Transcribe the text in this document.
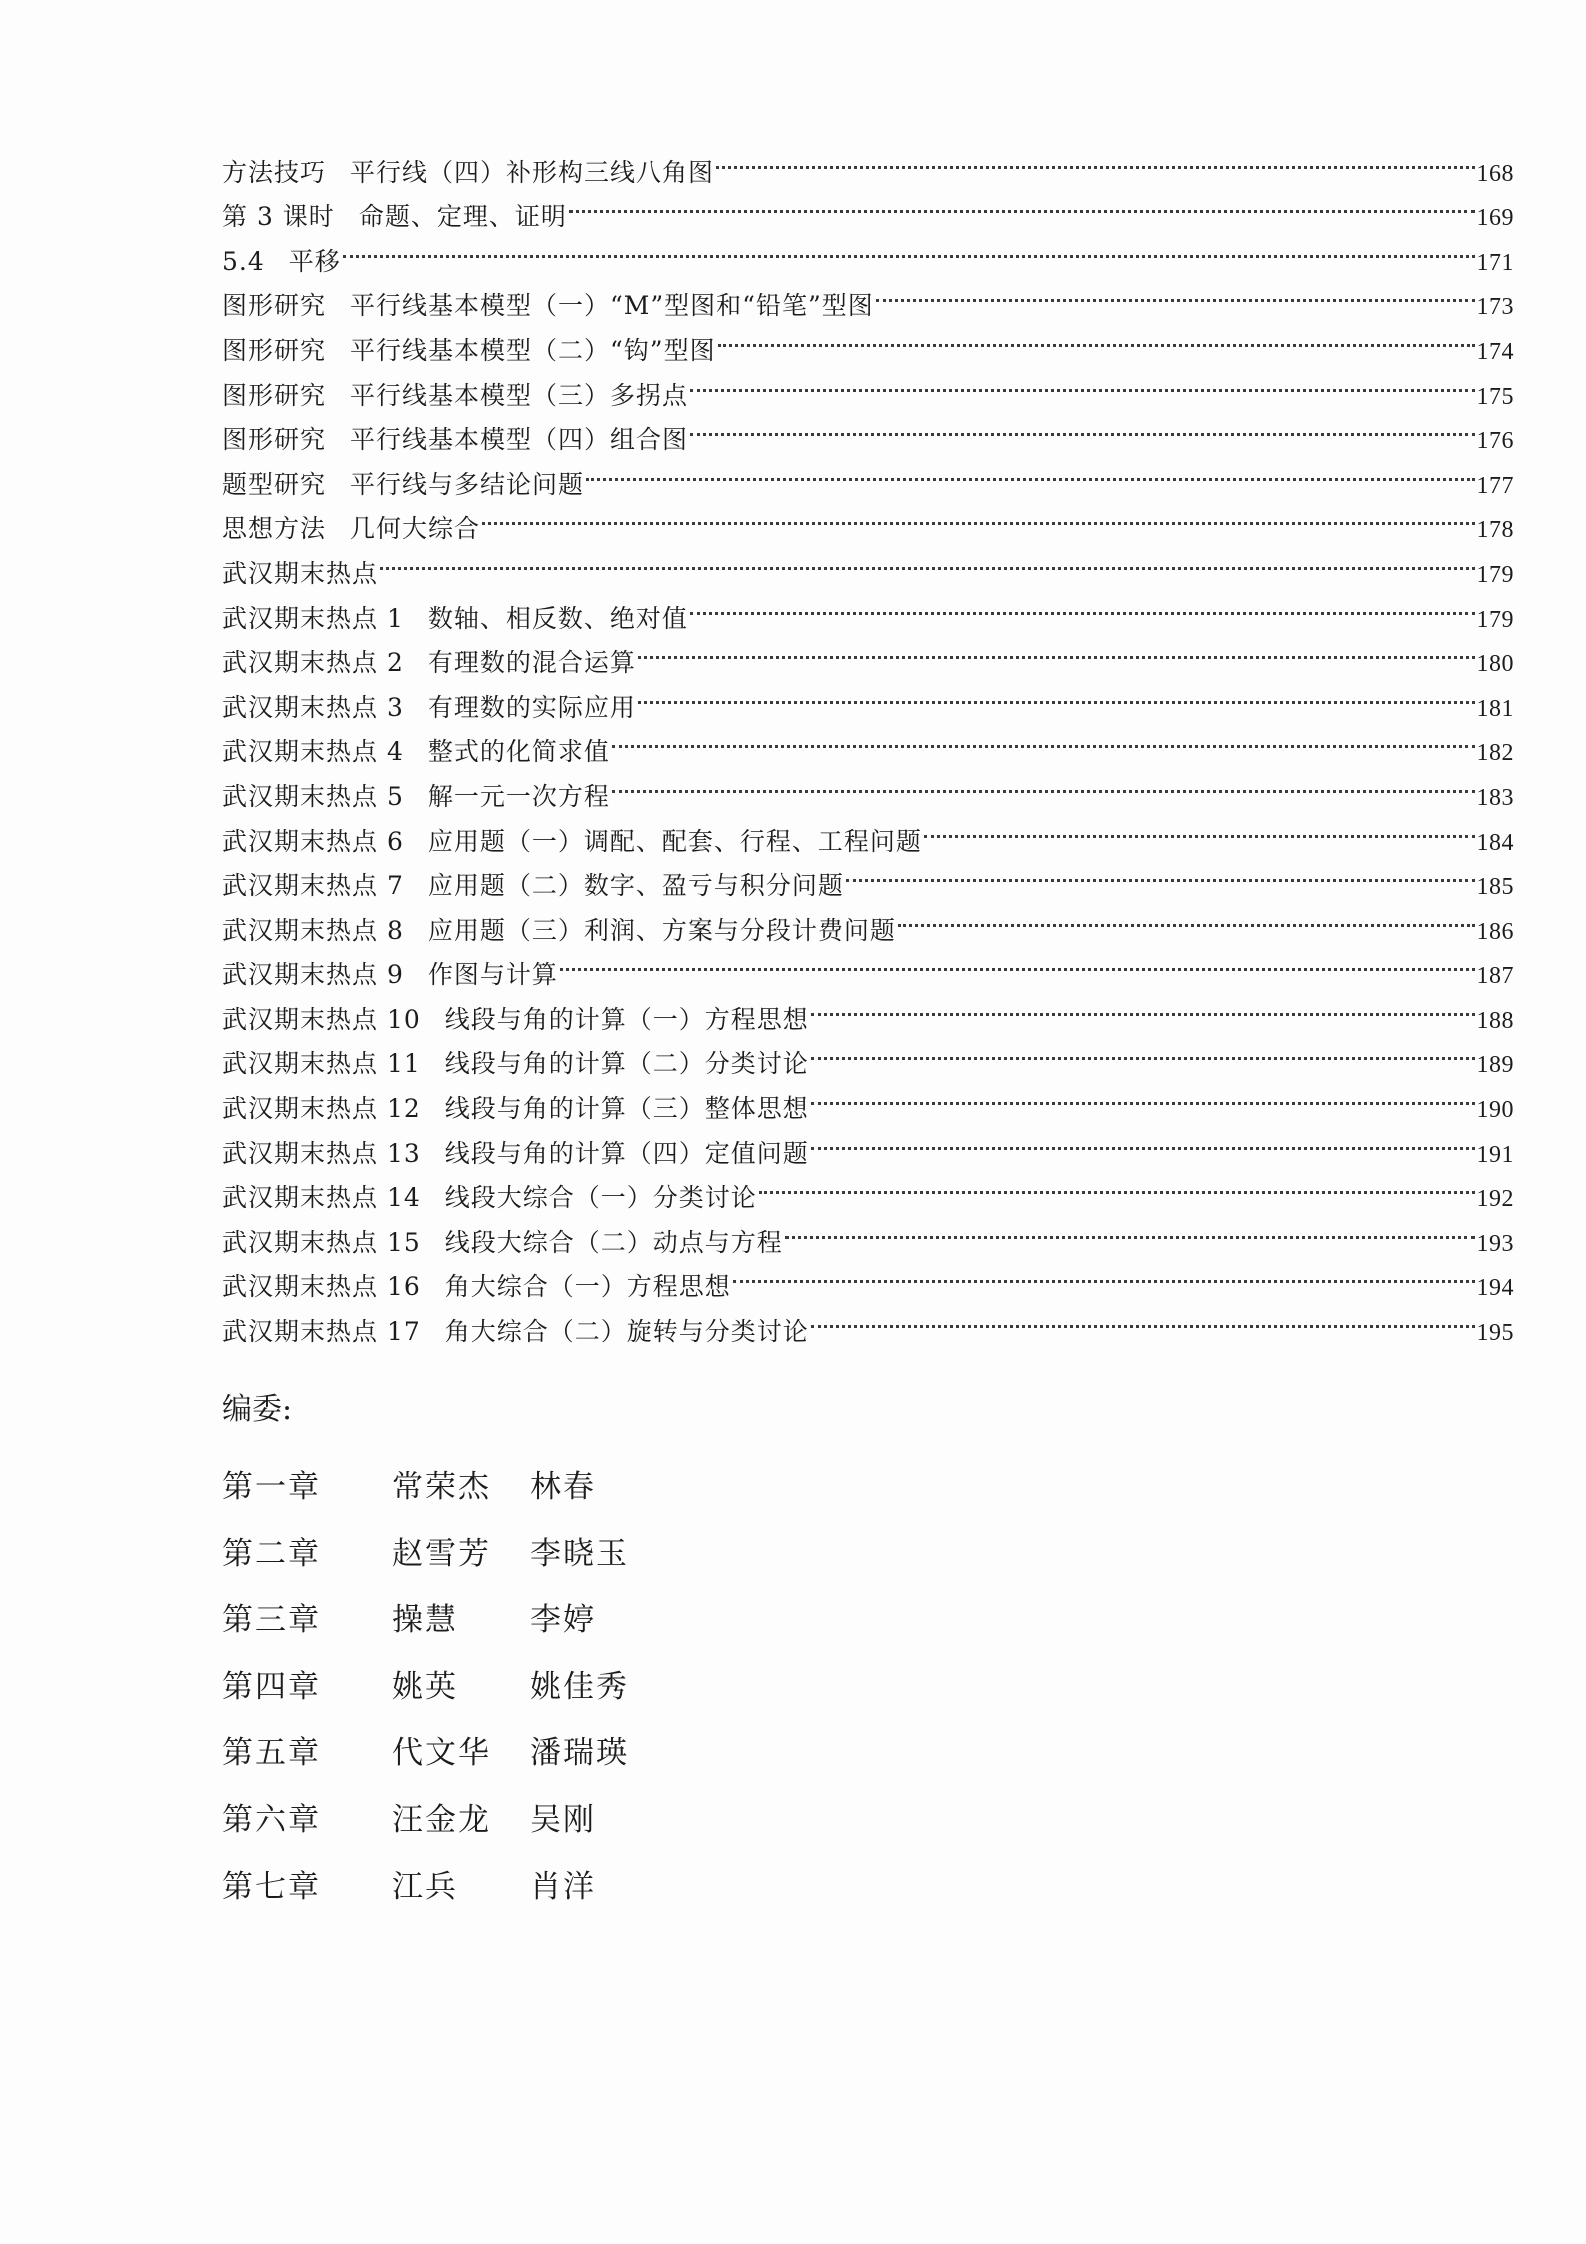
方法技巧 平行线（四）补形构三线八角图	168
第 3 课时 命题、定理、证明	169
5.4 平移	171
图形研究 平行线基本模型（一）“M”型图和“铅笔”型图	173
图形研究 平行线基本模型（二）“钩”型图	174
图形研究 平行线基本模型（三）多拐点	175
图形研究 平行线基本模型（四）组合图	176
题型研究 平行线与多结论问题	177
思想方法 几何大综合	178
武汉期末热点	179
武汉期末热点 1 数轴、相反数、绝对值	179
武汉期末热点 2 有理数的混合运算	180
武汉期末热点 3 有理数的实际应用	181
武汉期末热点 4 整式的化简求值	182
武汉期末热点 5 解一元一次方程	183
武汉期末热点 6 应用题（一）调配、配套、行程、工程问题	184
武汉期末热点 7 应用题（二）数字、盈亏与积分问题	185
武汉期末热点 8 应用题（三）利润、方案与分段计费问题	186
武汉期末热点 9 作图与计算	187
武汉期末热点 10 线段与角的计算（一）方程思想	188
武汉期末热点 11 线段与角的计算（二）分类讨论	189
武汉期末热点 12 线段与角的计算（三）整体思想	190
武汉期末热点 13 线段与角的计算（四）定值问题	191
武汉期末热点 14 线段大综合（一）分类讨论	192
武汉期末热点 15 线段大综合（二）动点与方程	193
武汉期末热点 16 角大综合（一）方程思想	194
武汉期末热点 17 角大综合（二）旋转与分类讨论	195
编委:
第一章	常荣杰	林春
第二章	赵雪芳	李晓玉
第三章	操慧	李婷
第四章	姚英	姚佳秀
第五章	代文华	潘瑞瑛
第六章	汪金龙	吴刚
第七章	江兵	肖洋
